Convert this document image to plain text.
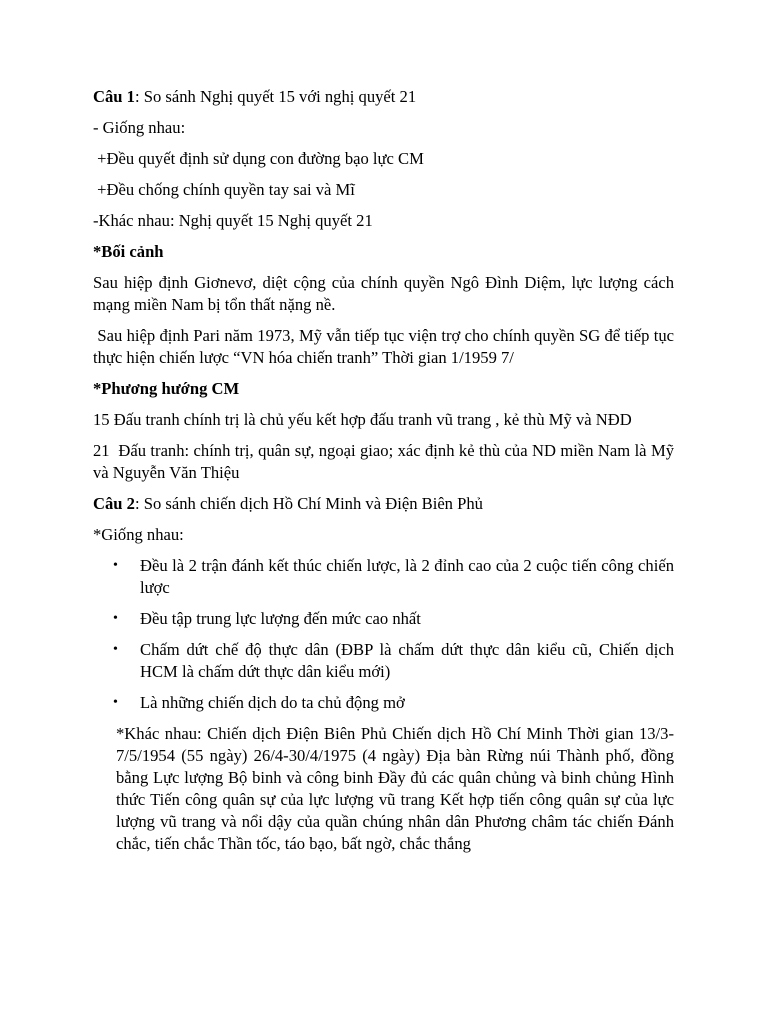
Câu 1: So sánh Nghị quyết 15 với nghị quyết 21

- Giống nhau:

+Đều quyết định sử dụng con đường bạo lực CM

+Đều chống chính quyền tay sai và Mĩ

-Khác nhau: Nghị quyết 15 Nghị quyết 21

*Bối cảnh

Sau hiệp định Giơnevơ, diệt cộng của chính quyền Ngô Đình Diệm, lực lượng cách mạng miền Nam bị tổn thất nặng nề.

Sau hiệp định Pari năm 1973, Mỹ vẫn tiếp tục viện trợ cho chính quyền SG để tiếp tục thực hiện chiến lược “VN hóa chiến tranh” Thời gian 1/1959 7/

*Phương hướng CM

15 Đấu tranh chính trị là chủ yếu kết hợp đấu tranh vũ trang , kẻ thù Mỹ và NĐD

21  Đấu tranh: chính trị, quân sự, ngoại giao; xác định kẻ thù của ND miền Nam là Mỹ và Nguyễn Văn Thiệu

Câu 2: So sánh chiến dịch Hồ Chí Minh và Điện Biên Phủ

*Giống nhau:

• Đều là 2 trận đánh kết thúc chiến lược, là 2 đỉnh cao của 2 cuộc tiến công chiến lược
• Đều tập trung lực lượng đến mức cao nhất
• Chấm dứt chế độ thực dân (ĐBP là chấm dứt thực dân kiểu cũ, Chiến dịch HCM là chấm dứt thực dân kiểu mới)
• Là những chiến dịch do ta chủ động mở

*Khác nhau: Chiến dịch Điện Biên Phủ Chiến dịch Hồ Chí Minh Thời gian 13/3-7/5/1954 (55 ngày) 26/4-30/4/1975 (4 ngày) Địa bàn Rừng núi Thành phố, đồng bằng Lực lượng Bộ binh và công binh Đầy đủ các quân chủng và binh chủng Hình thức Tiến công quân sự của lực lượng vũ trang Kết hợp tiến công quân sự của lực lượng vũ trang và nổi dậy của quần chúng nhân dân Phương châm tác chiến Đánh chắc, tiến chắc Thần tốc, táo bạo, bất ngờ, chắc thắng
